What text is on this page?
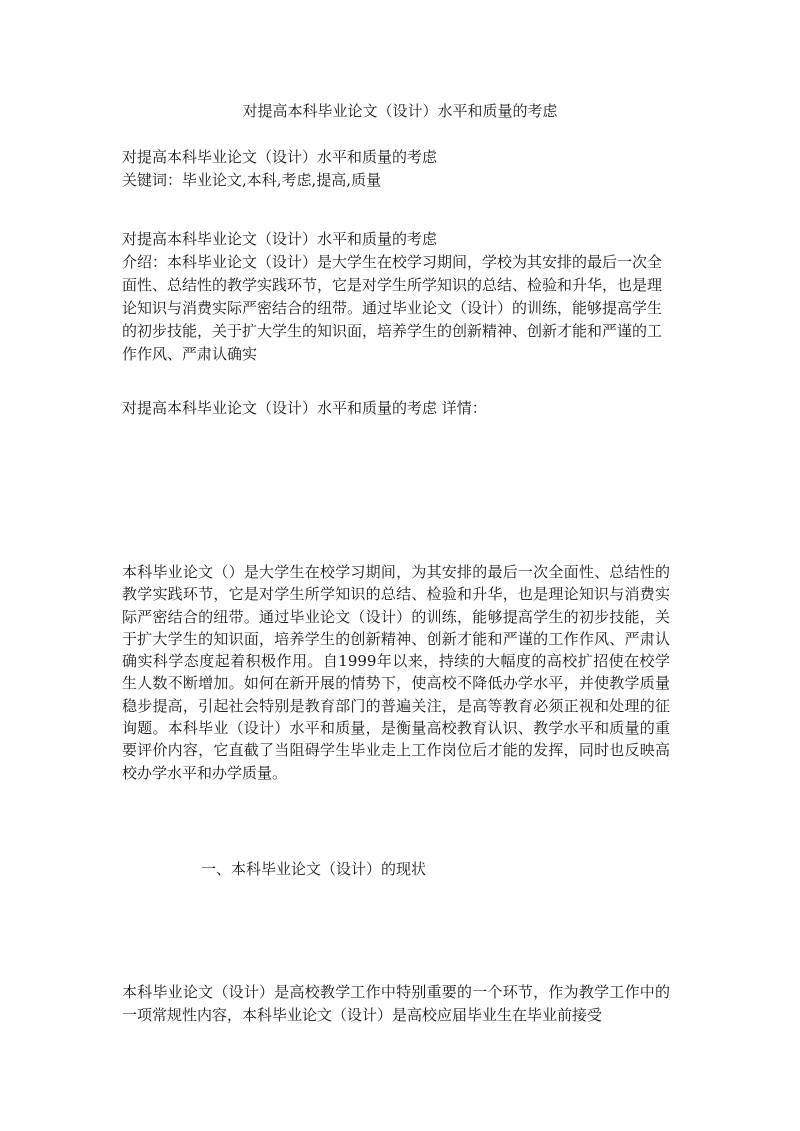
对提高本科毕业论文（设计）水平和质量的考虑

对提高本科毕业论文（设计）水平和质量的考虑

关键词：毕业论文,本科,考虑,提高,质量

对提高本科毕业论文（设计）水平和质量的考虑

介绍：本科毕业论文（设计）是大学生在校学习期间，学校为其安排的最后一次全面性、总结性的教学实践环节，它是对学生所学知识的总结、检验和升华，也是理论知识与消费实际严密结合的纽带。通过毕业论文（设计）的训练，能够提高学生的初步技能，关于扩大学生的知识面，培养学生的创新精神、创新才能和严谨的工作作风、严肃认确实

对提高本科毕业论文（设计）水平和质量的考虑 详情：

本科毕业论文（）是大学生在校学习期间，为其安排的最后一次全面性、总结性的教学实践环节，它是对学生所学知识的总结、检验和升华，也是理论知识与消费实际严密结合的纽带。通过毕业论文（设计）的训练，能够提高学生的初步技能，关于扩大学生的知识面，培养学生的创新精神、创新才能和严谨的工作作风、严肃认确实科学态度起着积极作用。自1999年以来，持续的大幅度的高校扩招使在校学生人数不断增加。如何在新开展的情势下，使高校不降低办学水平，并使教学质量稳步提高，引起社会特别是教育部门的普遍关注，是高等教育必须正视和处理的征询题。本科毕业（设计）水平和质量，是衡量高校教育认识、教学水平和质量的重要评价内容，它直截了当阻碍学生毕业走上工作岗位后才能的发挥，同时也反映高校办学水平和办学质量。

一、本科毕业论文（设计）的现状

本科毕业论文（设计）是高校教学工作中特别重要的一个环节，作为教学工作中的一项常规性内容，本科毕业论文（设计）是高校应届毕业生在毕业前接受
